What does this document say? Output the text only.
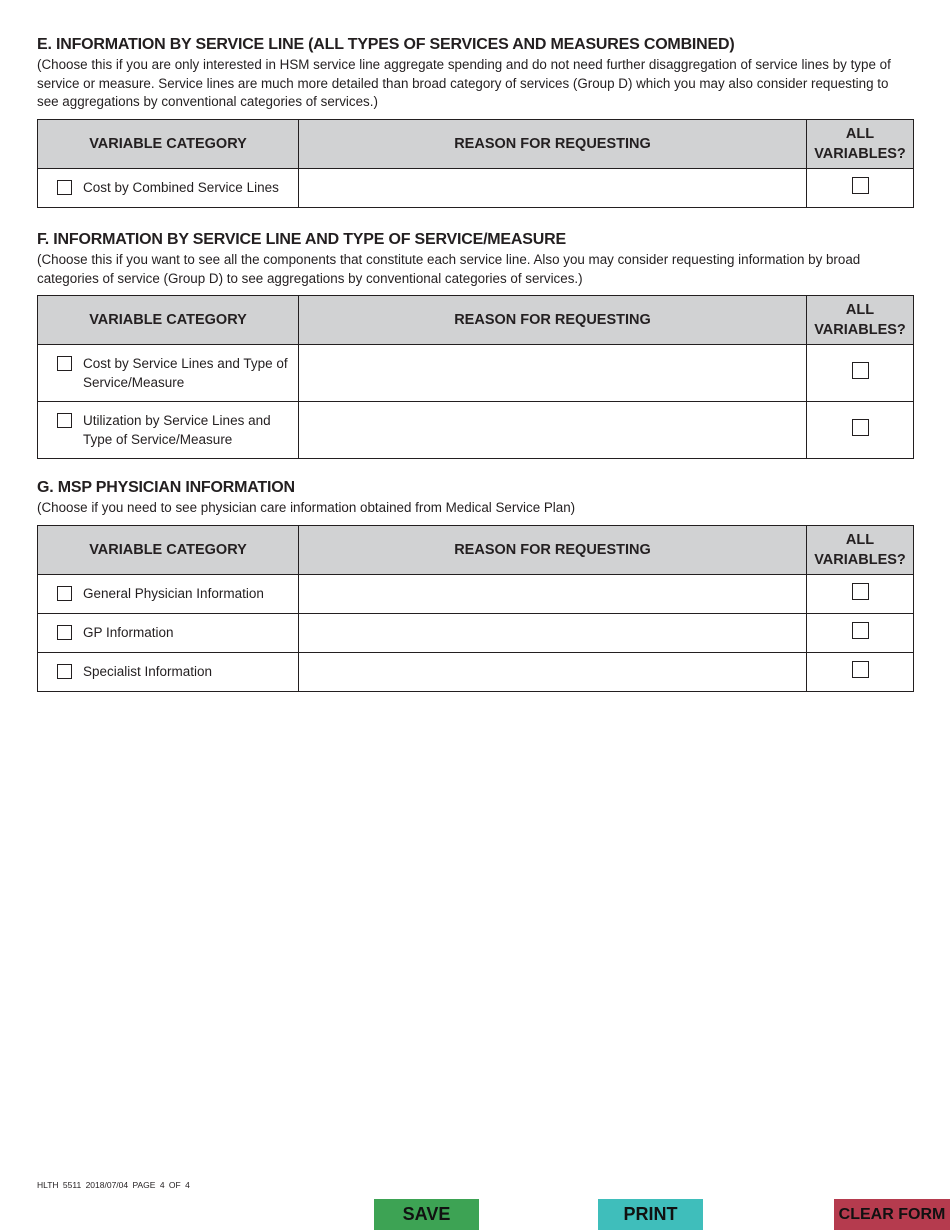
E. INFORMATION BY SERVICE LINE (ALL TYPES OF SERVICES AND MEASURES COMBINED)

(Choose this if you are only interested in HSM service line aggregate spending and do not need further disaggregation of service lines by type of service or measure. Service lines are much more detailed than broad category of services (Group D) which you may also consider requesting to see aggregations by conventional categories of services.)

VARIABLE CATEGORY	REASON FOR REQUESTING	ALL
VARIABLES?

Cost by Combined Service Lines

F. INFORMATION BY SERVICE LINE AND TYPE OF SERVICE/MEASURE

(Choose this if you want to see all the components that constitute each service line. Also you may consider requesting information by broad categories of service (Group D) to see aggregations by conventional categories of services.)

VARIABLE CATEGORY	REASON FOR REQUESTING	ALL
VARIABLES?

Cost by Service Lines and Type of Service/Measure

Utilization by Service Lines and Type of Service/Measure

G. MSP PHYSICIAN INFORMATION

(Choose if you need to see physician care information obtained from Medical Service Plan)

VARIABLE CATEGORY	REASON FOR REQUESTING	ALL
VARIABLES?

General Physician Information

GP Information

Specialist Information

HLTH 5511 2018/07/04 PAGE 4 OF 4
SAVE	PRINT	CLEAR FORM
